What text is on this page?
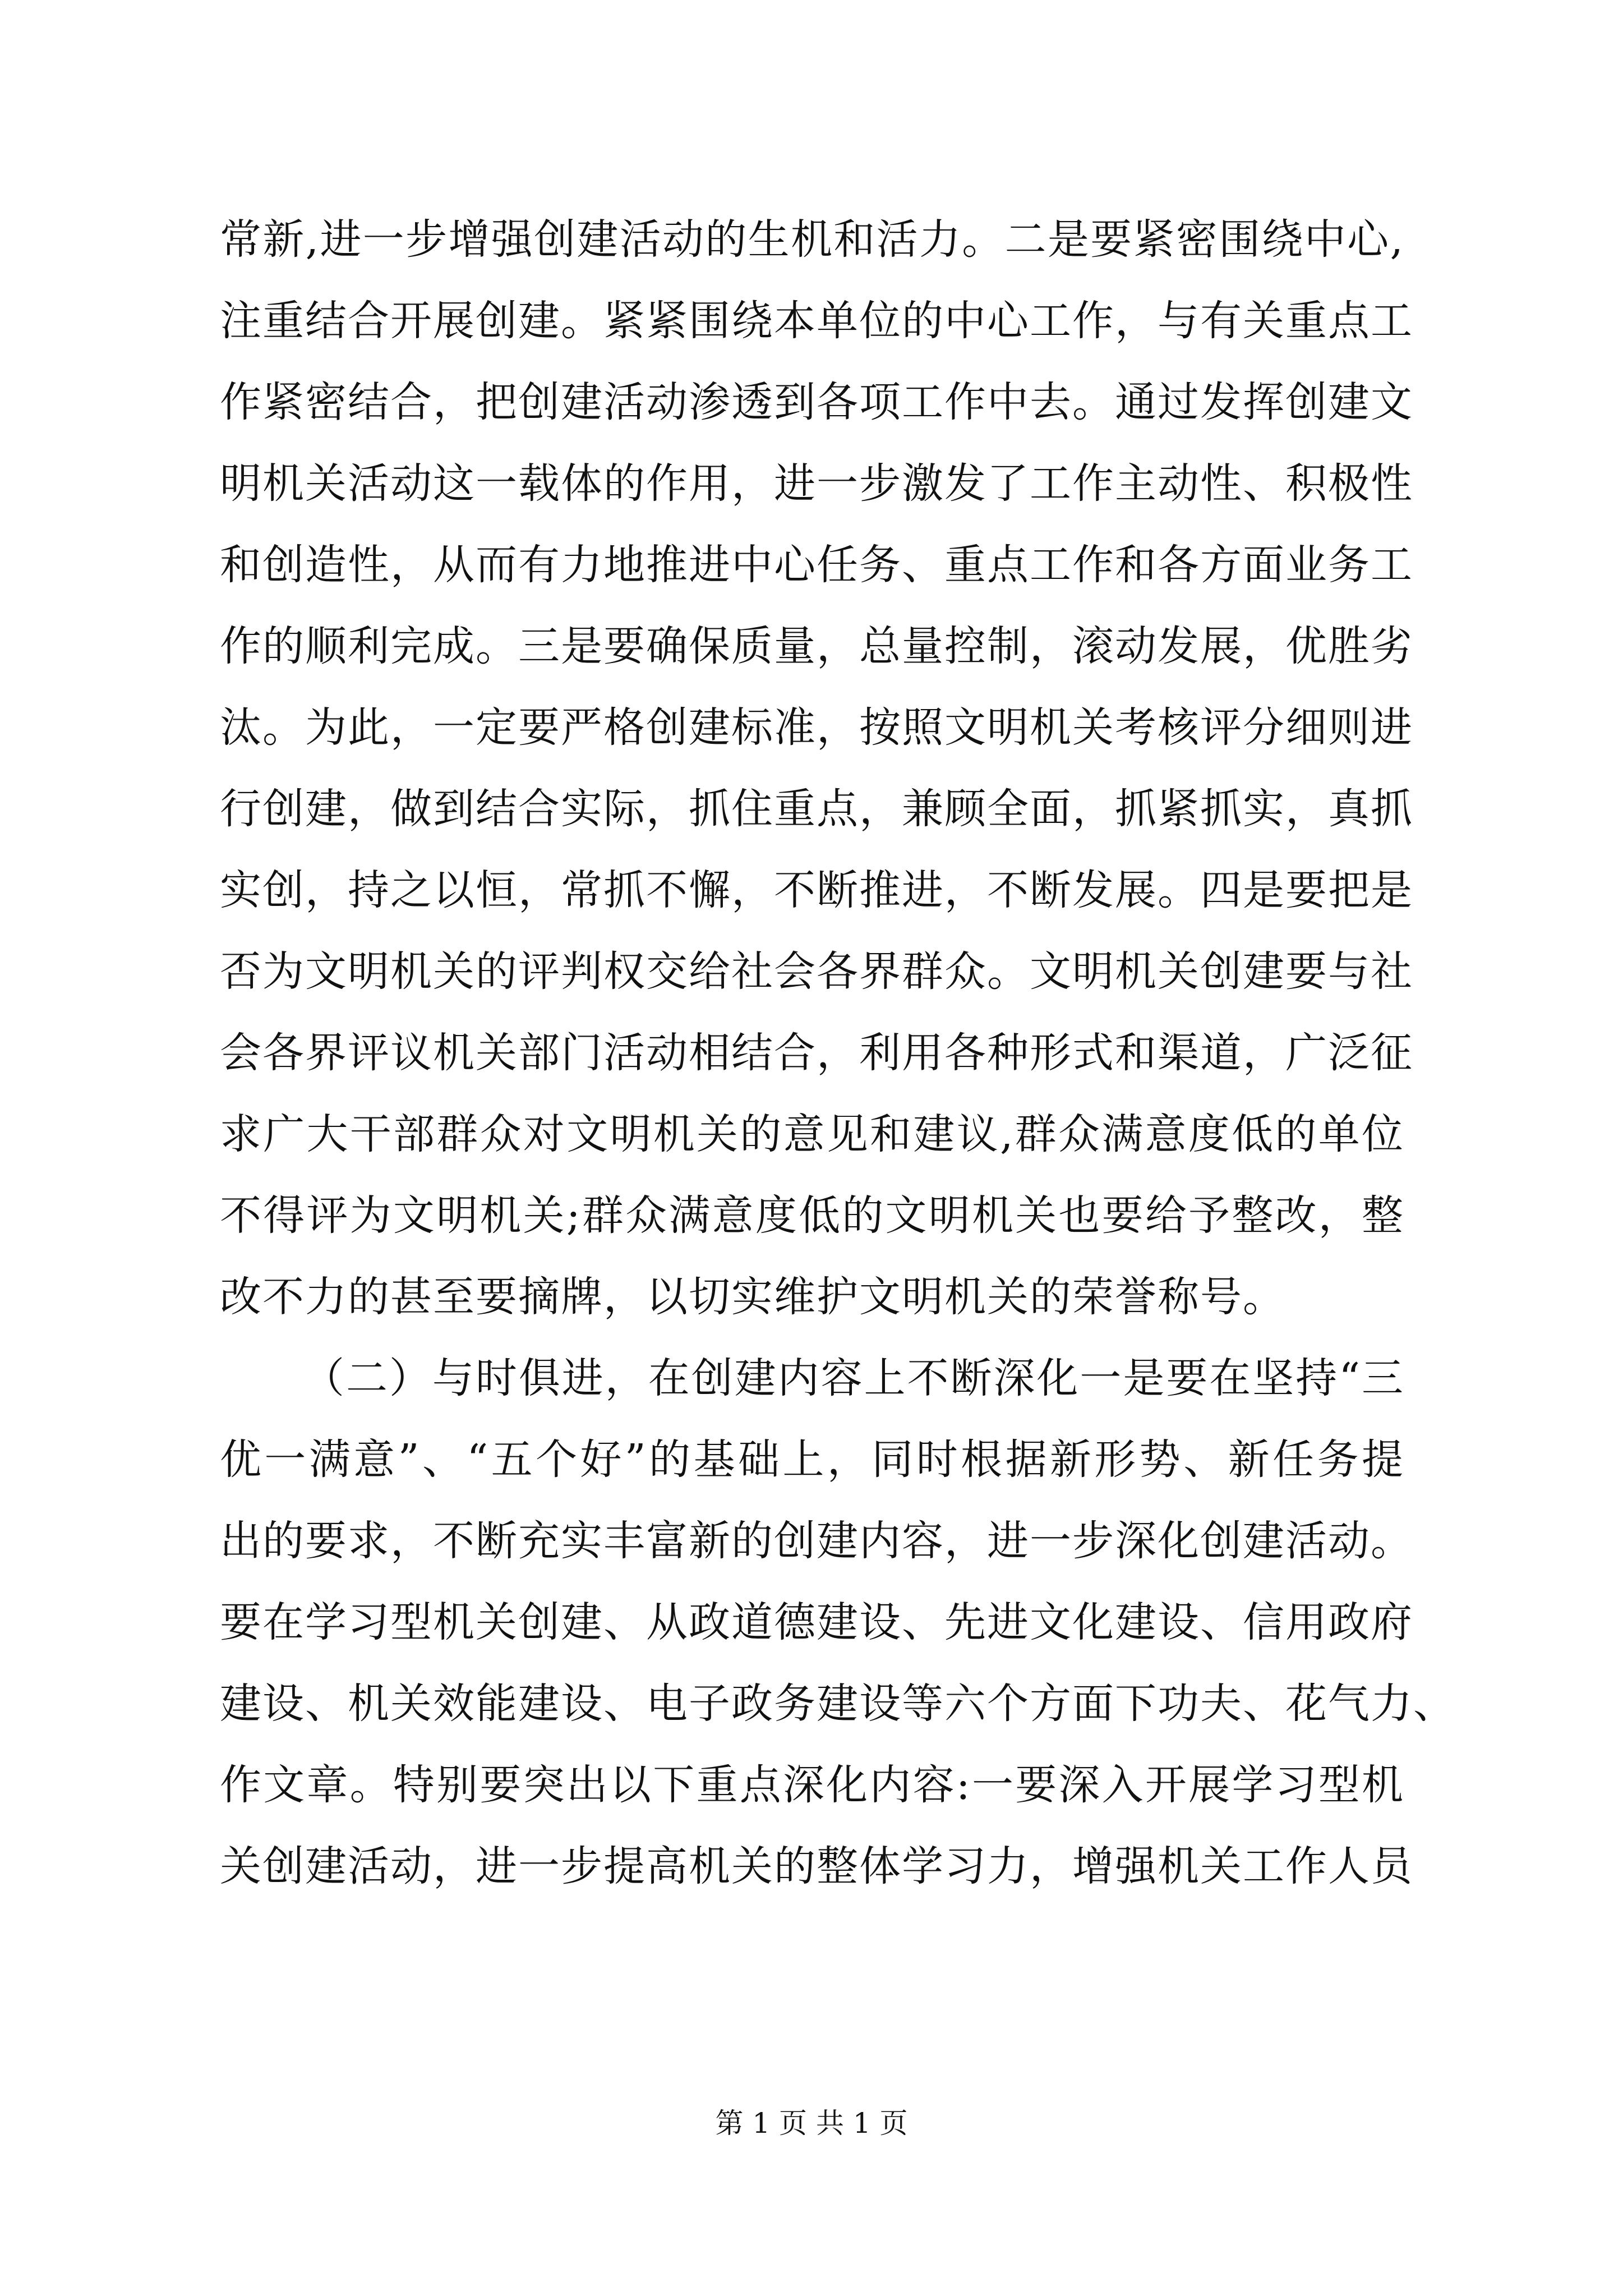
常新,进一步增强创建活动的生机和活力。二是要紧密围绕中心,
注重结合开展创建。紧紧围绕本单位的中心工作，与有关重点工
作紧密结合，把创建活动渗透到各项工作中去。通过发挥创建文
明机关活动这一载体的作用，进一步激发了工作主动性、积极性
和创造性，从而有力地推进中心任务、重点工作和各方面业务工
作的顺利完成。三是要确保质量，总量控制，滚动发展，优胜劣
汰。为此，一定要严格创建标准，按照文明机关考核评分细则进
行创建，做到结合实际，抓住重点，兼顾全面，抓紧抓实，真抓
实创，持之以恒，常抓不懈，不断推进，不断发展。四是要把是
否为文明机关的评判权交给社会各界群众。文明机关创建要与社
会各界评议机关部门活动相结合，利用各种形式和渠道，广泛征
求广大干部群众对文明机关的意见和建议,群众满意度低的单位
不得评为文明机关;群众满意度低的文明机关也要给予整改，整
改不力的甚至要摘牌，以切实维护文明机关的荣誉称号。
（二）与时俱进，在创建内容上不断深化一是要在坚持“三
优一满意”、“五个好”的基础上，同时根据新形势、新任务提
出的要求，不断充实丰富新的创建内容，进一步深化创建活动。
要在学习型机关创建、从政道德建设、先进文化建设、信用政府
建设、机关效能建设、电子政务建设等六个方面下功夫、花气力、
作文章。特别要突出以下重点深化内容:一要深入开展学习型机
关创建活动，进一步提高机关的整体学习力，增强机关工作人员
第 1 页 共 1 页
